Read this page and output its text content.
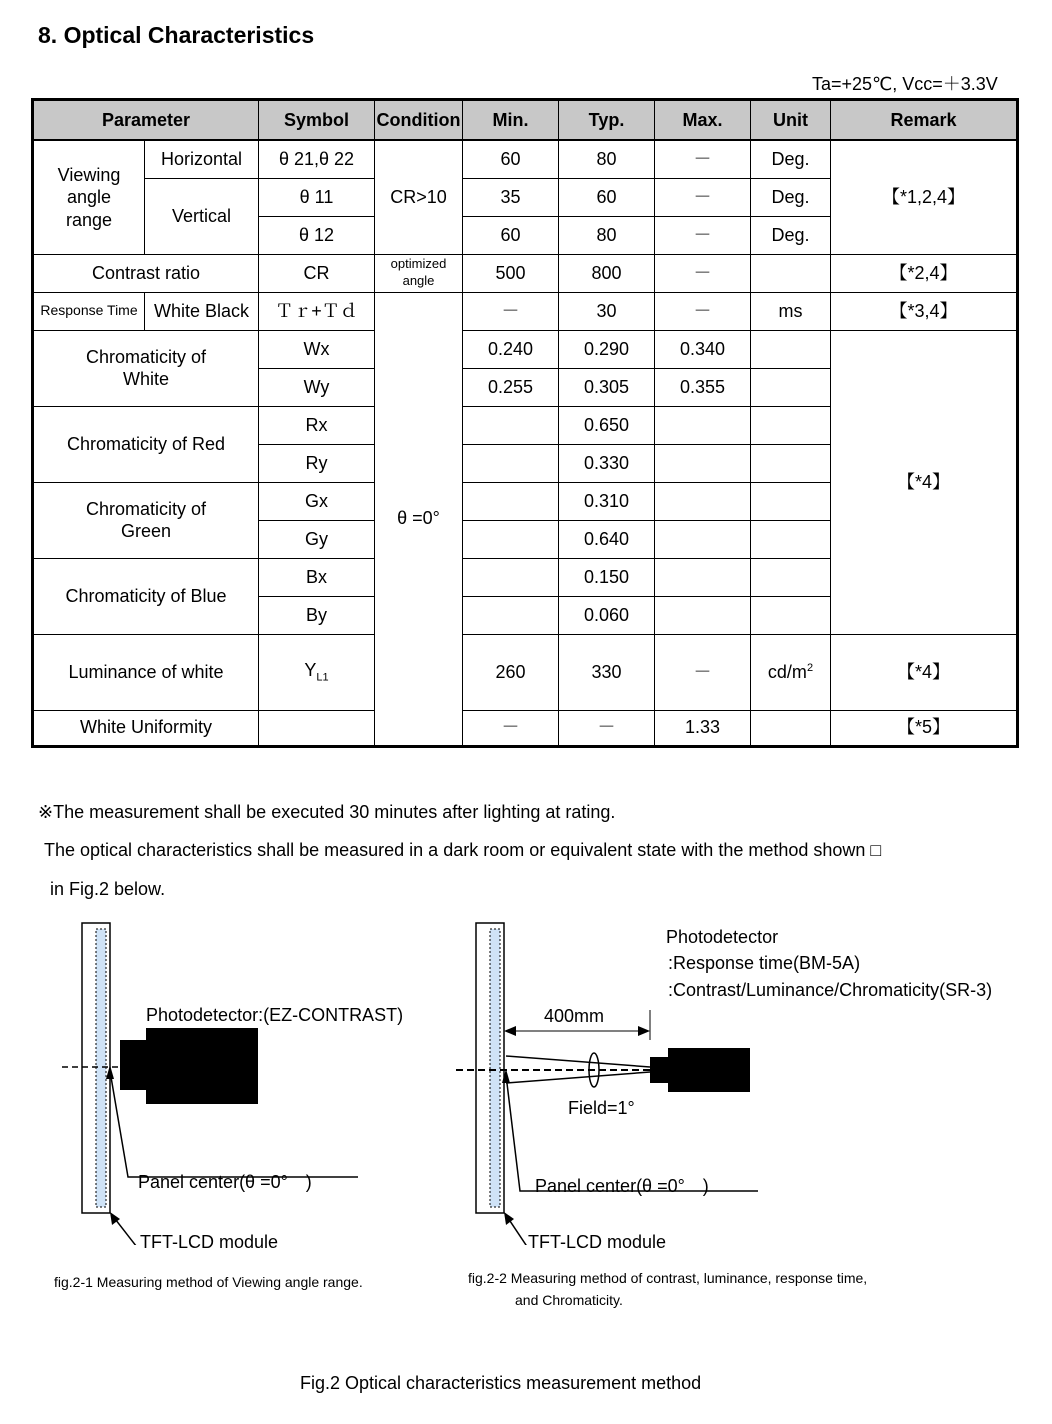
8. Optical Characteristics
Ta=+25℃, Vcc=＋3.3V
Parameter		Symbol	Condition	Min.	Typ.	Max.	Unit	Remark
Viewing angle range	Horizontal	θ 21,θ 22	CR>10	60	80	－	Deg.	【*1,2,4】
	Vertical	θ 11		35	60	－	Deg.	
		θ 12		60	80	－	Deg.	
Contrast ratio		CR	optimized angle	500	800	－		【*2,4】
Response Time	White Black	Ｔｒ+Ｔｄ	θ =0°	－	30	－	ms	【*3,4】
Chromaticity of White		Wx		0.240	0.290	0.340		【*4】
		Wy		0.255	0.305	0.355		
Chromaticity of Red		Rx			0.650			
		Ry			0.330			
Chromaticity of Green		Gx			0.310			
		Gy			0.640			
Chromaticity of Blue		Bx			0.150			
		By			0.060			
Luminance of white		$Y_{L1}$		260	330	－	$cd/m^2$	【*4】
White Uniformity				－	－	1.33		【*5】
※The measurement shall be executed 30 minutes after lighting at rating.
The optical characteristics shall be measured in a dark room or equivalent state with the method shown □
in Fig.2 below.
Photodetector:(EZ-CONTRAST)
Panel center(θ =0°　)
TFT-LCD module
fig.2-1 Measuring method of Viewing angle range.
Photodetector
:Response time(BM-5A)
:Contrast/Luminance/Chromaticity(SR-3)
400mm
Field=1°
Panel center(θ =0°　)
TFT-LCD module
fig.2-2 Measuring method of contrast, luminance, response time,
and Chromaticity.
Fig.2 Optical characteristics measurement method
